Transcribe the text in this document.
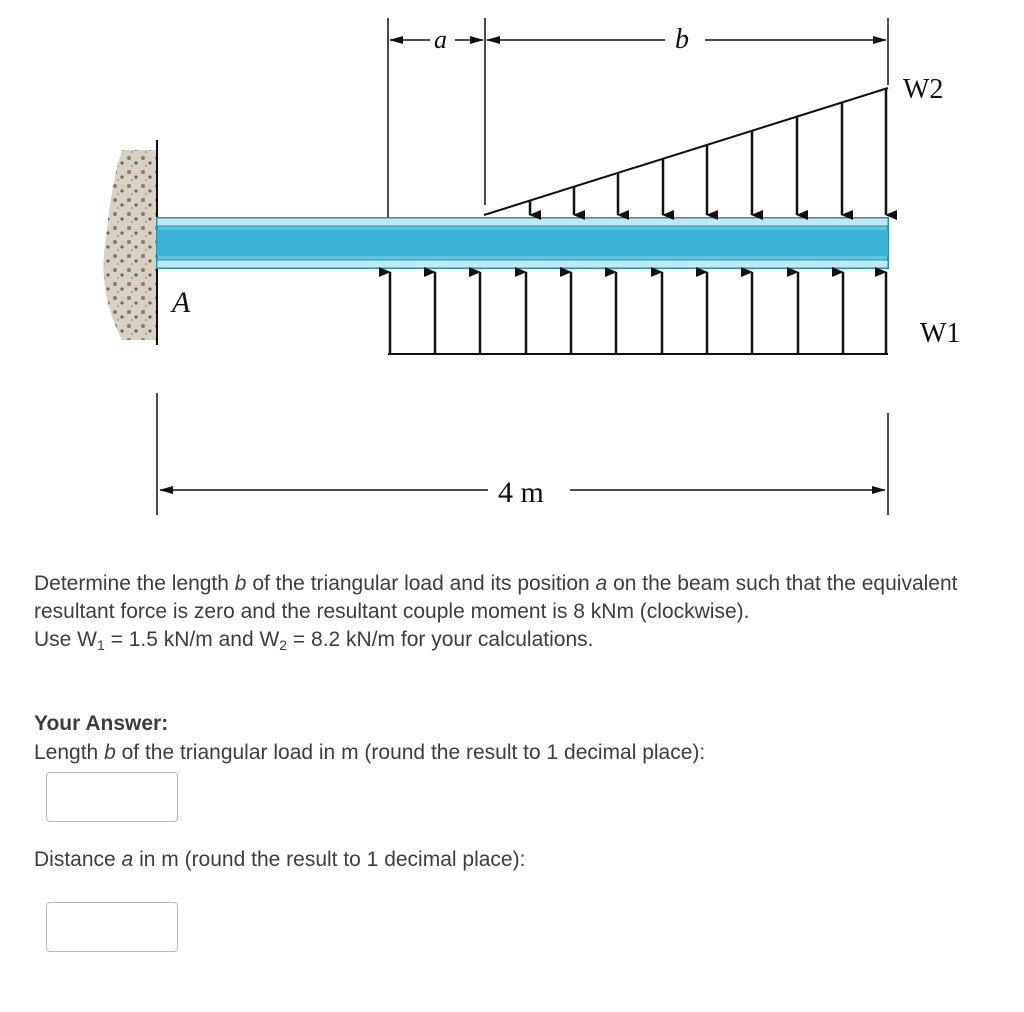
a	b
W2
W1
A
4 m

Determine the length b of the triangular load and its position a on the beam such that the equivalent resultant force is zero and the resultant couple moment is 8 kNm (clockwise).

Use $W_1 = 1.5$ kN/m and $W_2 = 8.2$ kN/m for your calculations.

Your Answer:
Length b of the triangular load in m (round the result to 1 decimal place):
Distance a in m (round the result to 1 decimal place):
